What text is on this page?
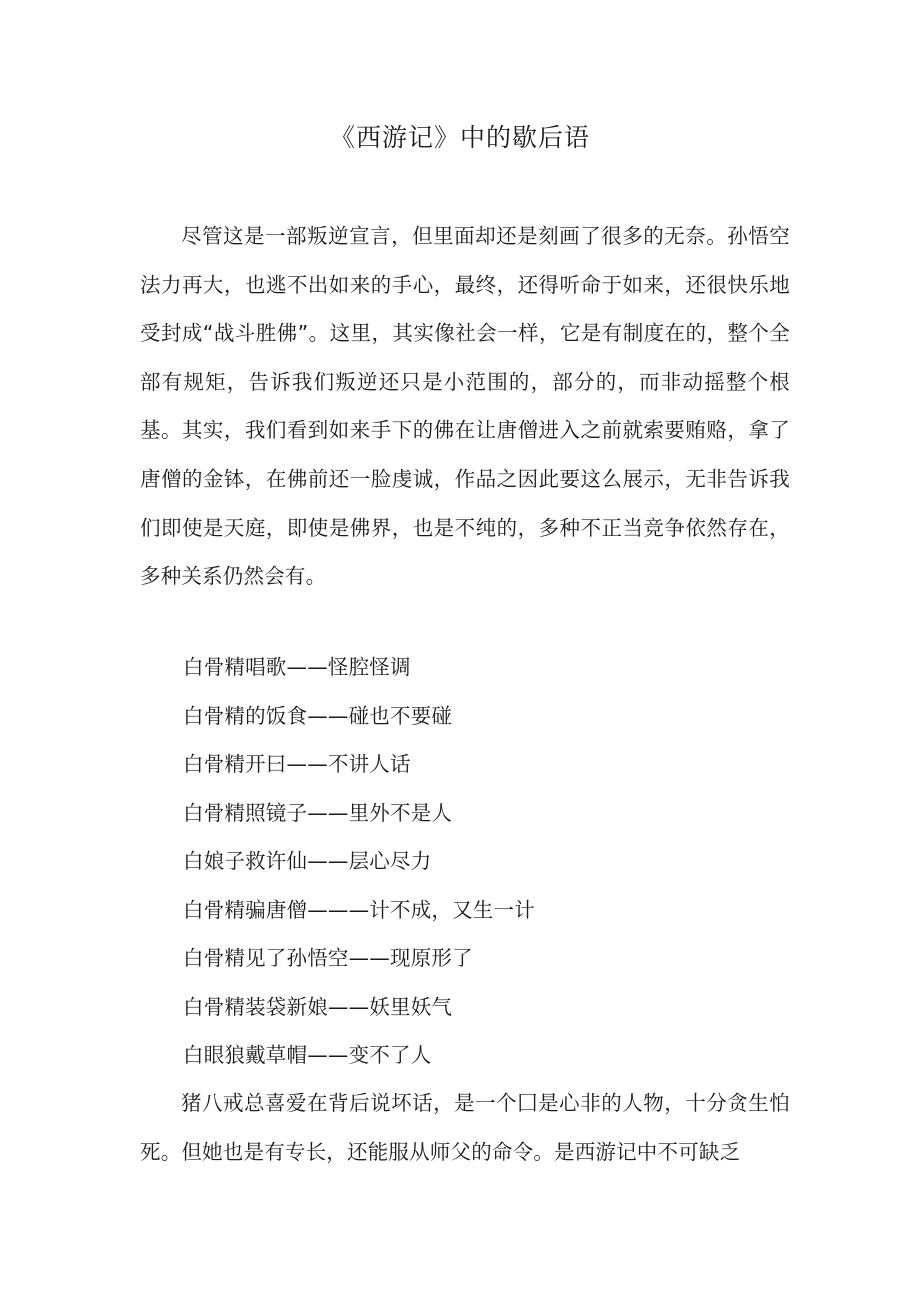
《西游记》中的歇后语

尽管这是一部叛逆宣言，但里面却还是刻画了很多的无奈。孙悟空法力再大，也逃不出如来的手心，最终，还得听命于如来，还很快乐地受封成“战斗胜佛”。这里，其实像社会一样，它是有制度在的，整个全部有规矩，告诉我们叛逆还只是小范围的，部分的，而非动摇整个根基。其实，我们看到如来手下的佛在让唐僧进入之前就索要贿赂，拿了唐僧的金钵，在佛前还一脸虔诚，作品之因此要这么展示，无非告诉我们即使是天庭，即使是佛界，也是不纯的，多种不正当竞争依然存在，多种关系仍然会有。

白骨精唱歌——怪腔怪调
白骨精的饭食——碰也不要碰
白骨精开曰——不讲人话
白骨精照镜子——里外不是人
白娘子救许仙——层心尽力
白骨精骗唐僧———计不成，又生一计
白骨精见了孙悟空——现原形了
白骨精装袋新娘——妖里妖气
白眼狼戴草帽——变不了人

猪八戒总喜爱在背后说坏话，是一个囗是心非的人物，十分贪生怕死。但她也是有专长，还能服从师父的命令。是西游记中不可缺乏
